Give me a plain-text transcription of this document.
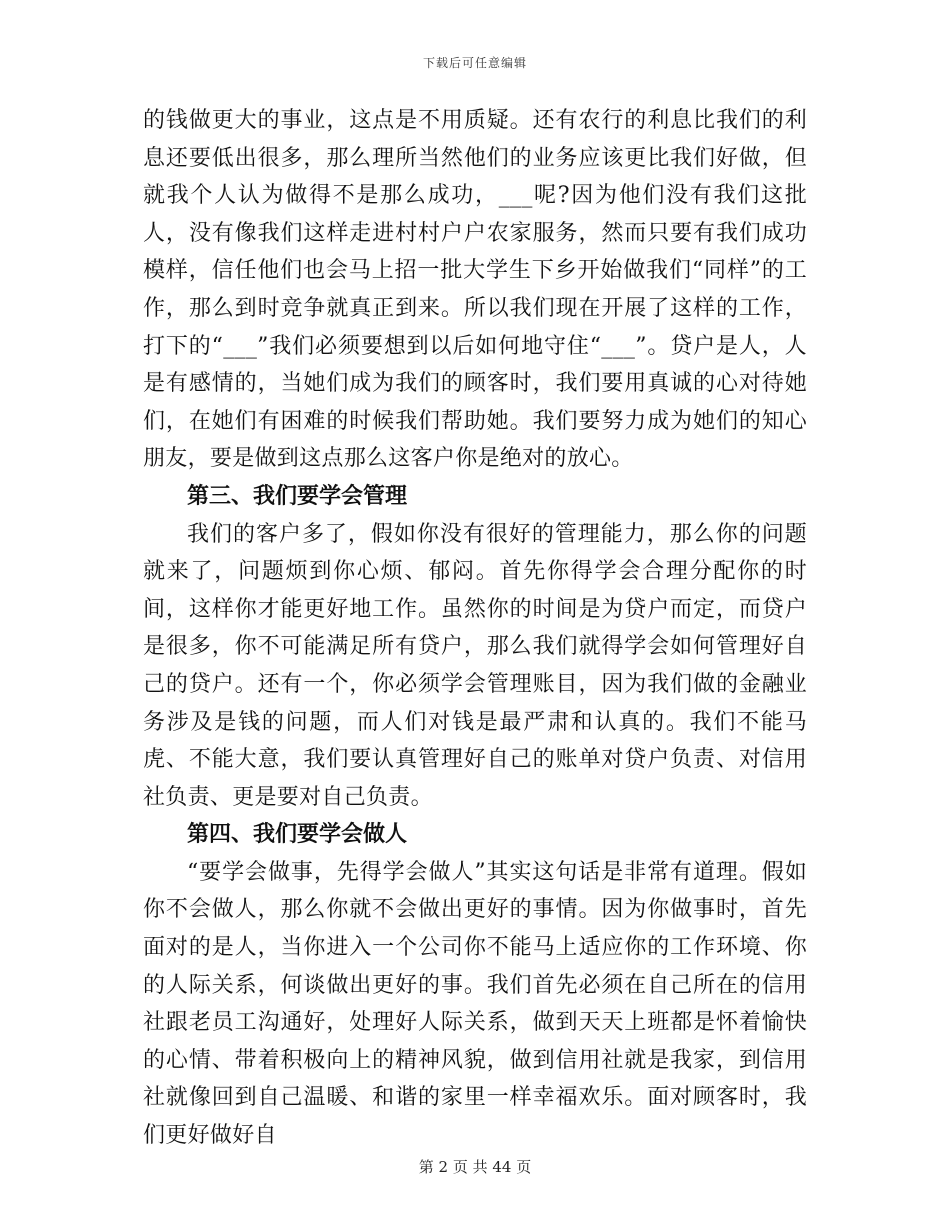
下载后可任意编辑

的钱做更大的事业，这点是不用质疑。还有农行的利息比我们的利息还要低出很多，那么理所当然他们的业务应该更比我们好做，但就我个人认为做得不是那么成功，___呢?因为他们没有我们这批人，没有像我们这样走进村村户户农家服务，然而只要有我们成功模样，信任他们也会马上招一批大学生下乡开始做我们“同样”的工作，那么到时竞争就真正到来。所以我们现在开展了这样的工作，打下的“___”我们必须要想到以后如何地守住“___”。贷户是人，人是有感情的，当她们成为我们的顾客时，我们要用真诚的心对待她们，在她们有困难的时候我们帮助她。我们要努力成为她们的知心朋友，要是做到这点那么这客户你是绝对的放心。

第三、我们要学会管理

我们的客户多了，假如你没有很好的管理能力，那么你的问题就来了，问题烦到你心烦、郁闷。首先你得学会合理分配你的时间，这样你才能更好地工作。虽然你的时间是为贷户而定，而贷户是很多，你不可能满足所有贷户，那么我们就得学会如何管理好自己的贷户。还有一个，你必须学会管理账目，因为我们做的金融业务涉及是钱的问题，而人们对钱是最严肃和认真的。我们不能马虎、不能大意，我们要认真管理好自己的账单对贷户负责、对信用社负责、更是要对自己负责。

第四、我们要学会做人

“要学会做事，先得学会做人”其实这句话是非常有道理。假如你不会做人，那么你就不会做出更好的事情。因为你做事时，首先面对的是人，当你进入一个公司你不能马上适应你的工作环境、你的人际关系，何谈做出更好的事。我们首先必须在自己所在的信用社跟老员工沟通好，处理好人际关系，做到天天上班都是怀着愉快的心情、带着积极向上的精神风貌，做到信用社就是我家，到信用社就像回到自己温暖、和谐的家里一样幸福欢乐。面对顾客时，我们更好做好自

第 2 页 共 44 页
